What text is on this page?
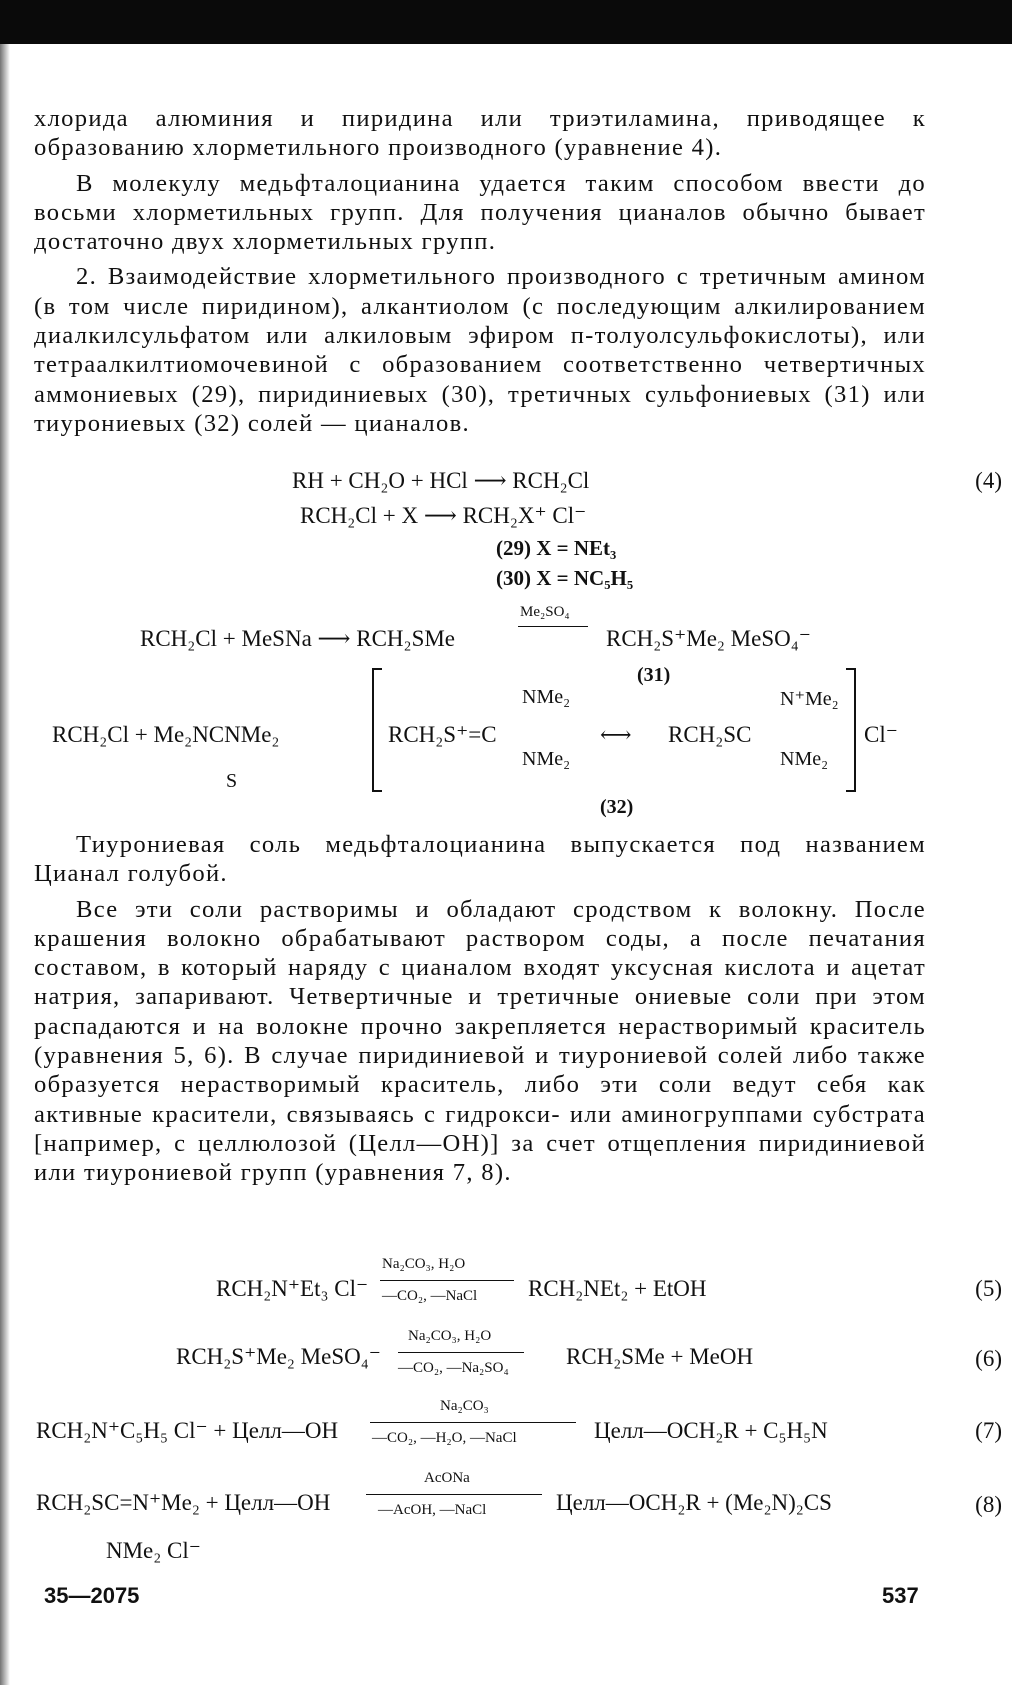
хлорида алюминия и пиридина или триэтиламина, приводящее к образованию хлорметильного производного (уравнение 4).

В молекулу медьфталоцианина удается таким способом ввести до восьми хлорметильных групп. Для получения цианалов обычно бывает достаточно двух хлорметильных групп.

2. Взаимодействие хлорметильного производного с третичным амином (в том числе пиридином), алкантиолом (с последующим алкилированием диалкилсульфатом или алкиловым эфиром п-толуолсульфокислоты), или тетраалкилтиомочевиной с образованием соответственно четвертичных аммониевых (29), пиридиниевых (30), третичных сульфониевых (31) или тиурониевых (32) солей — цианалов.

RH + CH₂O + HCl ⟶ RCH₂Cl	(4)
RCH₂Cl + X ⟶ RCH₂X⁺ Cl⁻
(29) X = NEt₃
(30) X = NC₅H₅
RCH₂Cl + MeSNa ⟶ RCH₂SMe
Me₂SO₄
RCH₂S⁺Me₂ MeSO₄⁻
(31)
RCH₂Cl + Me₂NCNMe₂
S
RCH₂S⁺=C
NMe₂
NMe₂
⟷ RCH₂SC
N⁺Me₂
NMe₂
Cl⁻
(32)

Тиурониевая соль медьфталоцианина выпускается под названием Цианал голубой.

Все эти соли растворимы и обладают сродством к волокну. После крашения волокно обрабатывают раствором соды, а после печатания составом, в который наряду с цианалом входят уксусная кислота и ацетат натрия, запаривают. Четвертичные и третичные ониевые соли при этом распадаются и на волокне прочно закрепляется нерастворимый краситель (уравнения 5, 6). В случае пиридиниевой и тиурониевой солей либо также образуется нерастворимый краситель, либо эти соли ведут себя как активные красители, связываясь с гидрокси- или аминогруппами субстрата [например, с целлюлозой (Целл—OH)] за счет отщепления пиридиниевой или тиурониевой групп (уравнения 7, 8).

RCH₂N⁺Et₃ Cl⁻
Na₂CO₃, H₂O
—CO₂, —NaCl RCH₂NEt₂ + EtOH	(5)
RCH₂S⁺Me₂ MeSO₄⁻
Na₂CO₃, H₂O
—CO₂, —Na₂SO₄ RCH₂SMe + MeOH	(6)
RCH₂N⁺C₅H₅ Cl⁻ + Целл—OH
Na₂CO₃
—CO₂, —H₂O, —NaCl	Целл—OCH₂R + C₅H₅N	(7)
RCH₂SC=N⁺Me₂ + Целл—OH
AcONa
—AcOH, —NaCl	Целл—OCH₂R + (Me₂N)₂CS	(8)
NMe₂ Cl⁻
35—2075	537
